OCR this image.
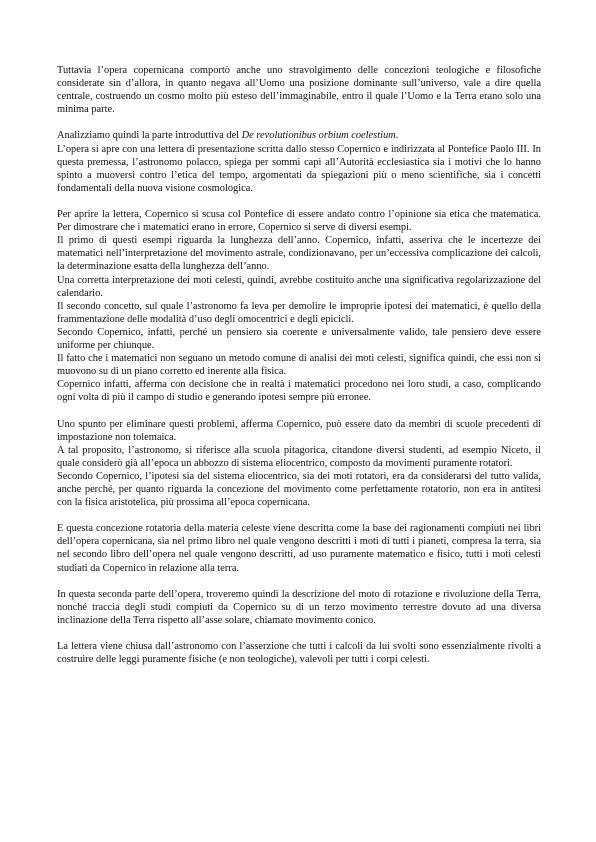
Tuttavia l’opera copernicana comportò anche uno stravolgimento delle concezioni teologiche e filosofiche considerate sin d’allora, in quanto negava all’Uomo una posizione dominante sull’universo, vale a dire quella centrale, costruendo un cosmo molto più esteso dell’immaginabile, entro il quale l’Uomo e la Terra erano solo una minima parte.
Analizziamo quindi la parte introduttiva del De revolutionibus orbium coelestium.
L’opera si apre con una lettera di presentazione scritta dallo stesso Copernico e indirizzata al Pontefice Paolo III. In questa premessa, l’astronomo polacco, spiega per sommi capi all’Autorità ecclesiastica sia i motivi che lo hanno spinto a muoversi contro l’etica del tempo, argomentati da spiegazioni più o meno scientifiche, sia i concetti fondamentali della nuova visione cosmologica.
Per aprire la lettera, Copernico si scusa col Pontefice di essere andato contro l’opinione sia etica che matematica. Per dimostrare che i matematici erano in errore, Copernico si serve di diversi esempi.
Il primo di questi esempi riguarda la lunghezza dell’anno. Copernico, infatti, asseriva che le incertezze dei matematici nell’interpretazione del movimento astrale, condizionavano, per un’eccessiva complicazione dei calcoli, la determinazione esatta della lunghezza dell’anno.
Una corretta interpretazione dei moti celesti, quindi, avrebbe costituito anche una significativa regolarizzazione del calendario.
Il secondo concetto, sul quale l’astronomo fa leva per demolire le improprie ipotesi dei matematici, è quello della frammentazione delle modalità d’uso degli omocentrici e degli epicicli.
Secondo Copernico, infatti, perché un pensiero sia coerente e universalmente valido, tale pensiero deve essere uniforme per chiunque.
Il fatto che i matematici non seguano un metodo comune di analisi dei moti celesti, significa quindi, che essi non si muovono su di un piano corretto ed inerente alla fisica.
Copernico infatti, afferma con decisione che in realtà i matematici procedono nei loro studi, a caso, complicando ogni volta di più il campo di studio e generando ipotesi sempre più erronee.
Uno spunto per eliminare questi problemi, afferma Copernico, può essere dato da membri di scuole precedenti di impostazione non tolemaica.
A tal proposito, l’astronomo, si riferisce alla scuola pitagorica, citandone diversi studenti, ad esempio Niceto, il quale considerò già all’epoca un abbozzo di sistema eliocentrico, composto da movimenti puramente rotatori.
Secondo Copernico, l’ipotesi sia del sistema eliocentrico, sia dei moti rotatori, era da considerarsi del tutto valida, anche perché, per quanto riguarda la concezione del movimento come perfettamente rotatorio, non era in antitesi con la fisica aristotelica, più prossima all’epoca copernicana.
E questa concezione rotatoria della materia celeste viene descritta come la base dei ragionamenti compiuti nei libri dell’opera copernicana, sia nel primo libro nel quale vengono descritti i moti di tutti i pianeti, compresa la terra, sia nel secondo libro dell’opera nel quale vengono descritti, ad uso puramente matematico e fisico, tutti i moti celesti studiati da Copernico in relazione alla terra.
In questa seconda parte dell’opera, troveremo quindi la descrizione del moto di rotazione e rivoluzione della Terra, nonché traccia degli studi compiuti da Copernico su di un terzo movimento terrestre dovuto ad una diversa inclinazione della Terra rispetto all’asse solare, chiamato movimento conico.
La lettera viene chiusa dall’astronomo con l’asserzione che tutti i calcoli da lui svolti sono essenzialmente rivolti a costruire delle leggi puramente fisiche (e non teologiche), valevoli per tutti i corpi celesti.
